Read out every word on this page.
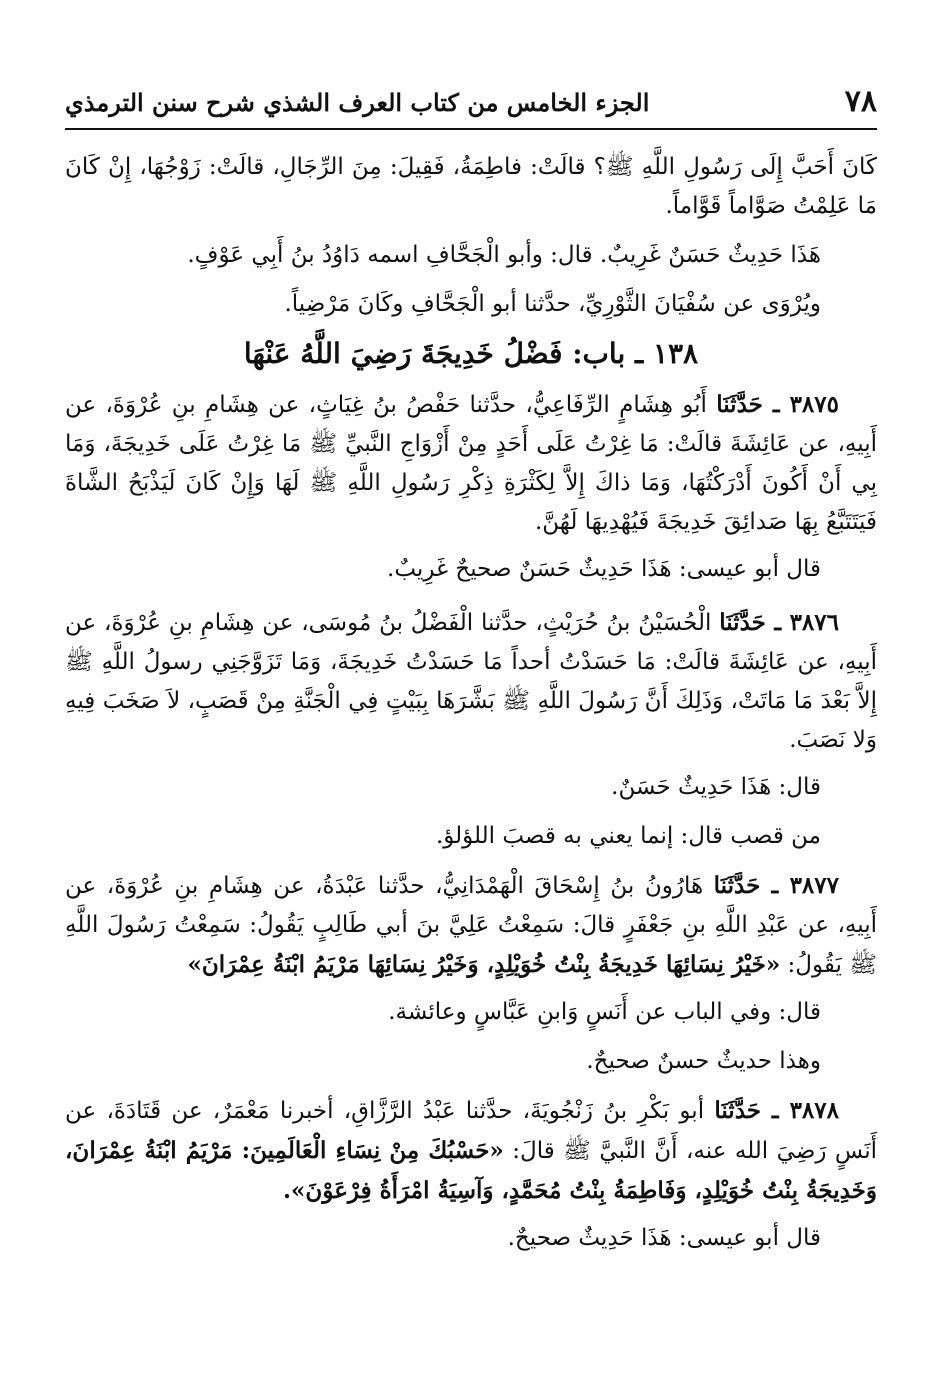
٧٨
الجزء الخامس من كتاب العرف الشذي شرح سنن الترمذي

كَانَ أَحَبَّ إِلَى رَسُولِ اللَّهِ ﷺ؟ قالَتْ: فاطِمَةُ، فَقِيلَ: مِنَ الرِّجَالِ، قالَتْ: زَوْجُهَا، إِنْ كَانَ مَا عَلِمْتُ صَوَّاماً قَوَّاماً.

هَذَا حَدِيثٌ حَسَنٌ غَرِيبٌ. قال: وأبو الْجَحَّافِ اسمه دَاوُدُ بنُ أَبِي عَوْفٍ.

ويُرْوَى عن سُفْيَانَ الثَّوْرِيِّ، حدَّثنا أبو الْجَحَّافِ وكَانَ مَرْضِياً.

١٣٨ ـ باب: فَضْلُ خَدِيجَةَ رَضِيَ اللَّهُ عَنْهَا

٣٨٧٥ ـ حَدَّثَنَا أَبُو هِشَامٍ الرِّفَاعِيُّ، حدَّثنا حَفْصُ بنُ غِيَاثٍ، عن هِشَامِ بنِ عُرْوَةَ، عن أَبِيهِ، عن عَائِشَةَ قالَتْ: مَا غِرْتُ عَلَى أَحَدٍ مِنْ أَزْوَاجِ النَّبيِّ ﷺ مَا غِرْتُ عَلَى خَدِيجَةَ، وَمَا بِي أَنْ أَكُونَ أَدْرَكْتُهَا، وَمَا ذاكَ إِلاَّ لِكَثْرَةِ ذِكْرِ رَسُولِ اللَّهِ ﷺ لَهَا وَإِنْ كَانَ لَيَذْبَحُ الشَّاةَ فَيَتَتَبَّعُ بِهَا صَدائِقَ خَدِيجَةَ فَيُهْدِيهَا لَهُنَّ.

قال أبو عيسى: هَذَا حَدِيثٌ حَسَنٌ صحيحٌ غَرِيبٌ.

٣٨٧٦ ـ حَدَّثَنَا الْحُسَيْنُ بنُ حُرَيْثٍ، حدَّثنا الْفَضْلُ بنُ مُوسَى، عن هِشَامِ بنِ عُرْوَةَ، عن أَبِيهِ، عن عَائِشَةَ قالَتْ: مَا حَسَدْتُ أحداً مَا حَسَدْتُ خَدِيجَةَ، وَمَا تَزَوَّجَنِي رسولُ اللَّهِ ﷺ إِلاَّ بَعْدَ مَا مَاتَتْ، وَذَلِكَ أَنَّ رَسُولَ اللَّهِ ﷺ بَشَّرَهَا بِبَيْتٍ فِي الْجَنَّةِ مِنْ قَصَبٍ، لاَ صَخَبَ فِيهِ وَلا نَصَبَ.

قال: هَذَا حَدِيثٌ حَسَنٌ.

من قصب قال: إنما يعني به قصبَ اللؤلؤ.

٣٨٧٧ ـ حَدَّثَنَا هَارُونُ بنُ إِسْحَاقَ الْهَمْدَانِيُّ، حدَّثنا عَبْدَةُ، عن هِشَامِ بنِ عُرْوَةَ، عن أَبِيهِ، عن عَبْدِ اللَّهِ بنِ جَعْفَرٍ قالَ: سَمِعْتُ عَلِيَّ بنَ أبي طَالِبٍ يَقُولُ: سَمِعْتُ رَسُولَ اللَّهِ ﷺ يَقُولُ: «خَيْرُ نِسَائِهَا خَدِيجَةُ بِنْتُ خُوَيْلِدٍ، وَخَيْرُ نِسَائِهَا مَرْيَمُ ابْنَةُ عِمْرَانَ»

قال: وفي الباب عن أَنَسٍ وَابنِ عَبَّاسٍ وعائشة.

وهذا حديثٌ حسنٌ صحيحٌ.

٣٨٧٨ ـ حَدَّثَنَا أبو بَكْرِ بنُ زَنْجُويَةَ، حدَّثنا عَبْدُ الرَّزَّاقِ، أخبرنا مَعْمَرٌ، عن قَتَادَةَ، عن أَنَسٍ رَضِيَ الله عنه، أَنَّ النَّبيَّ ﷺ قالَ: «حَسْبُكَ مِنْ نِسَاءِ الْعَالَمِينَ: مَرْيَمُ ابْنَةُ عِمْرَانَ، وَخَدِيجَةُ بِنْتُ خُوَيْلِدٍ، وَفَاطِمَةُ بِنْتُ مُحَمَّدٍ، وَآسِيَةُ امْرَأَةُ فِرْعَوْنَ».

قال أبو عيسى: هَذَا حَدِيثٌ صحيحٌ.
